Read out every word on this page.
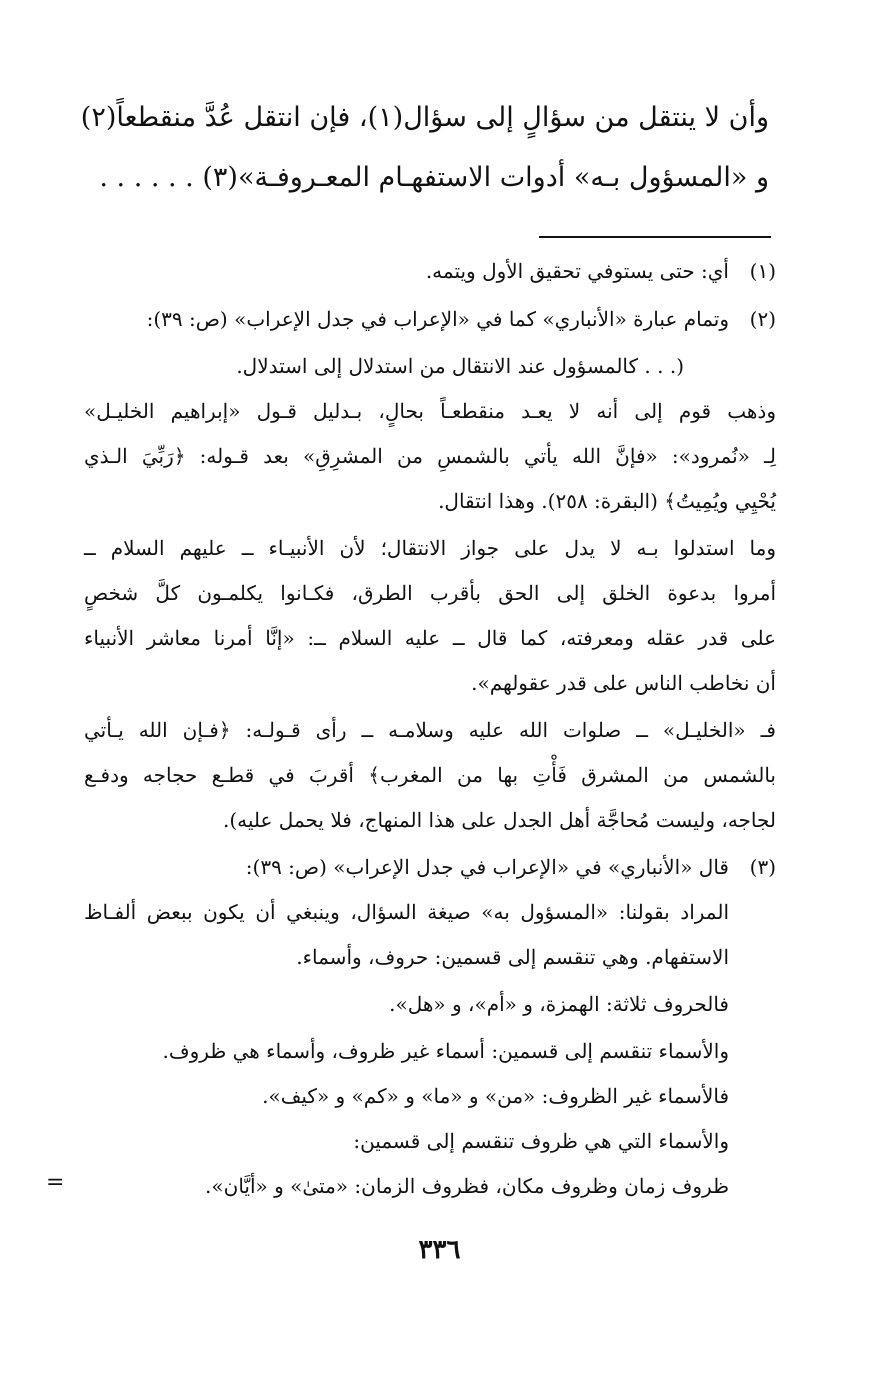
وأن لا ينتقل من سؤالٍ إلى سؤال(١)، فإن انتقل عُدَّ منقطعاً(٢)
و «المسؤول بـه» أدوات الاستفهـام المعـروفـة»(٣) . . . . . .
(١)
أي: حتى يستوفي تحقيق الأول ويتمه.
(٢)
وتمام عبارة «الأنباري» كما في «الإعراب في جدل الإعراب» (ص: ٣٩):
(. . . كالمسؤول عند الانتقال من استدلال إلى استدلال.
وذهب قوم إلى أنه لا يعـد منقطعـاً بحالٍ، بـدليل قـول «إبراهيم الخليـل»
لِـ «نُمرود»: «فإنَّ الله يأتي بالشمسِ من المشرِقِ» بعد قـوله: ﴿رَبِّيَ الـذي
يُحْيِي ويُمِيتُ﴾ (البقرة: ٢٥٨). وهذا انتقال.
وما استدلوا بـه لا يدل على جواز الانتقال؛ لأن الأنبيـاء ــ عليهم السلام ــ
أمروا بدعوة الخلق إلى الحق بأقرب الطرق، فكـانوا يكلمـون كلَّ شخصٍ
على قدر عقله ومعرفته، كما قال ــ عليه السلام ــ: «إنَّا أمرنا معاشر الأنبياء
أن نخاطب الناس على قدر عقولهم».
فـ «الخليـل» ــ صلوات الله عليه وسلامـه ــ رأى قـولـه: ﴿فـإن الله يـأتي
بالشمس من المشرق فَأْتِ بها من المغرب﴾ أقربَ في قطـع حجاجه ودفـع
لجاجه، وليست مُحاجَّة أهل الجدل على هذا المنهاج، فلا يحمل عليه).
(٣)
قال «الأنباري» في «الإعراب في جدل الإعراب» (ص: ٣٩):
المراد بقولنا: «المسؤول به» صيغة السؤال، وينبغي أن يكون ببعض ألفـاظ
الاستفهام. وهي تنقسم إلى قسمين: حروف، وأسماء.
فالحروف ثلاثة: الهمزة، و «أم»، و «هل».
والأسماء تنقسم إلى قسمين: أسماء غير ظروف، وأسماء هي ظروف.
فالأسماء غير الظروف: «من» و «ما» و «كم» و «كيف».
والأسماء التي هي ظروف تنقسم إلى قسمين:
ظروف زمان وظروف مكان، فظروف الزمان: «متىٰ» و «أيَّان».
=
٣٣٦
